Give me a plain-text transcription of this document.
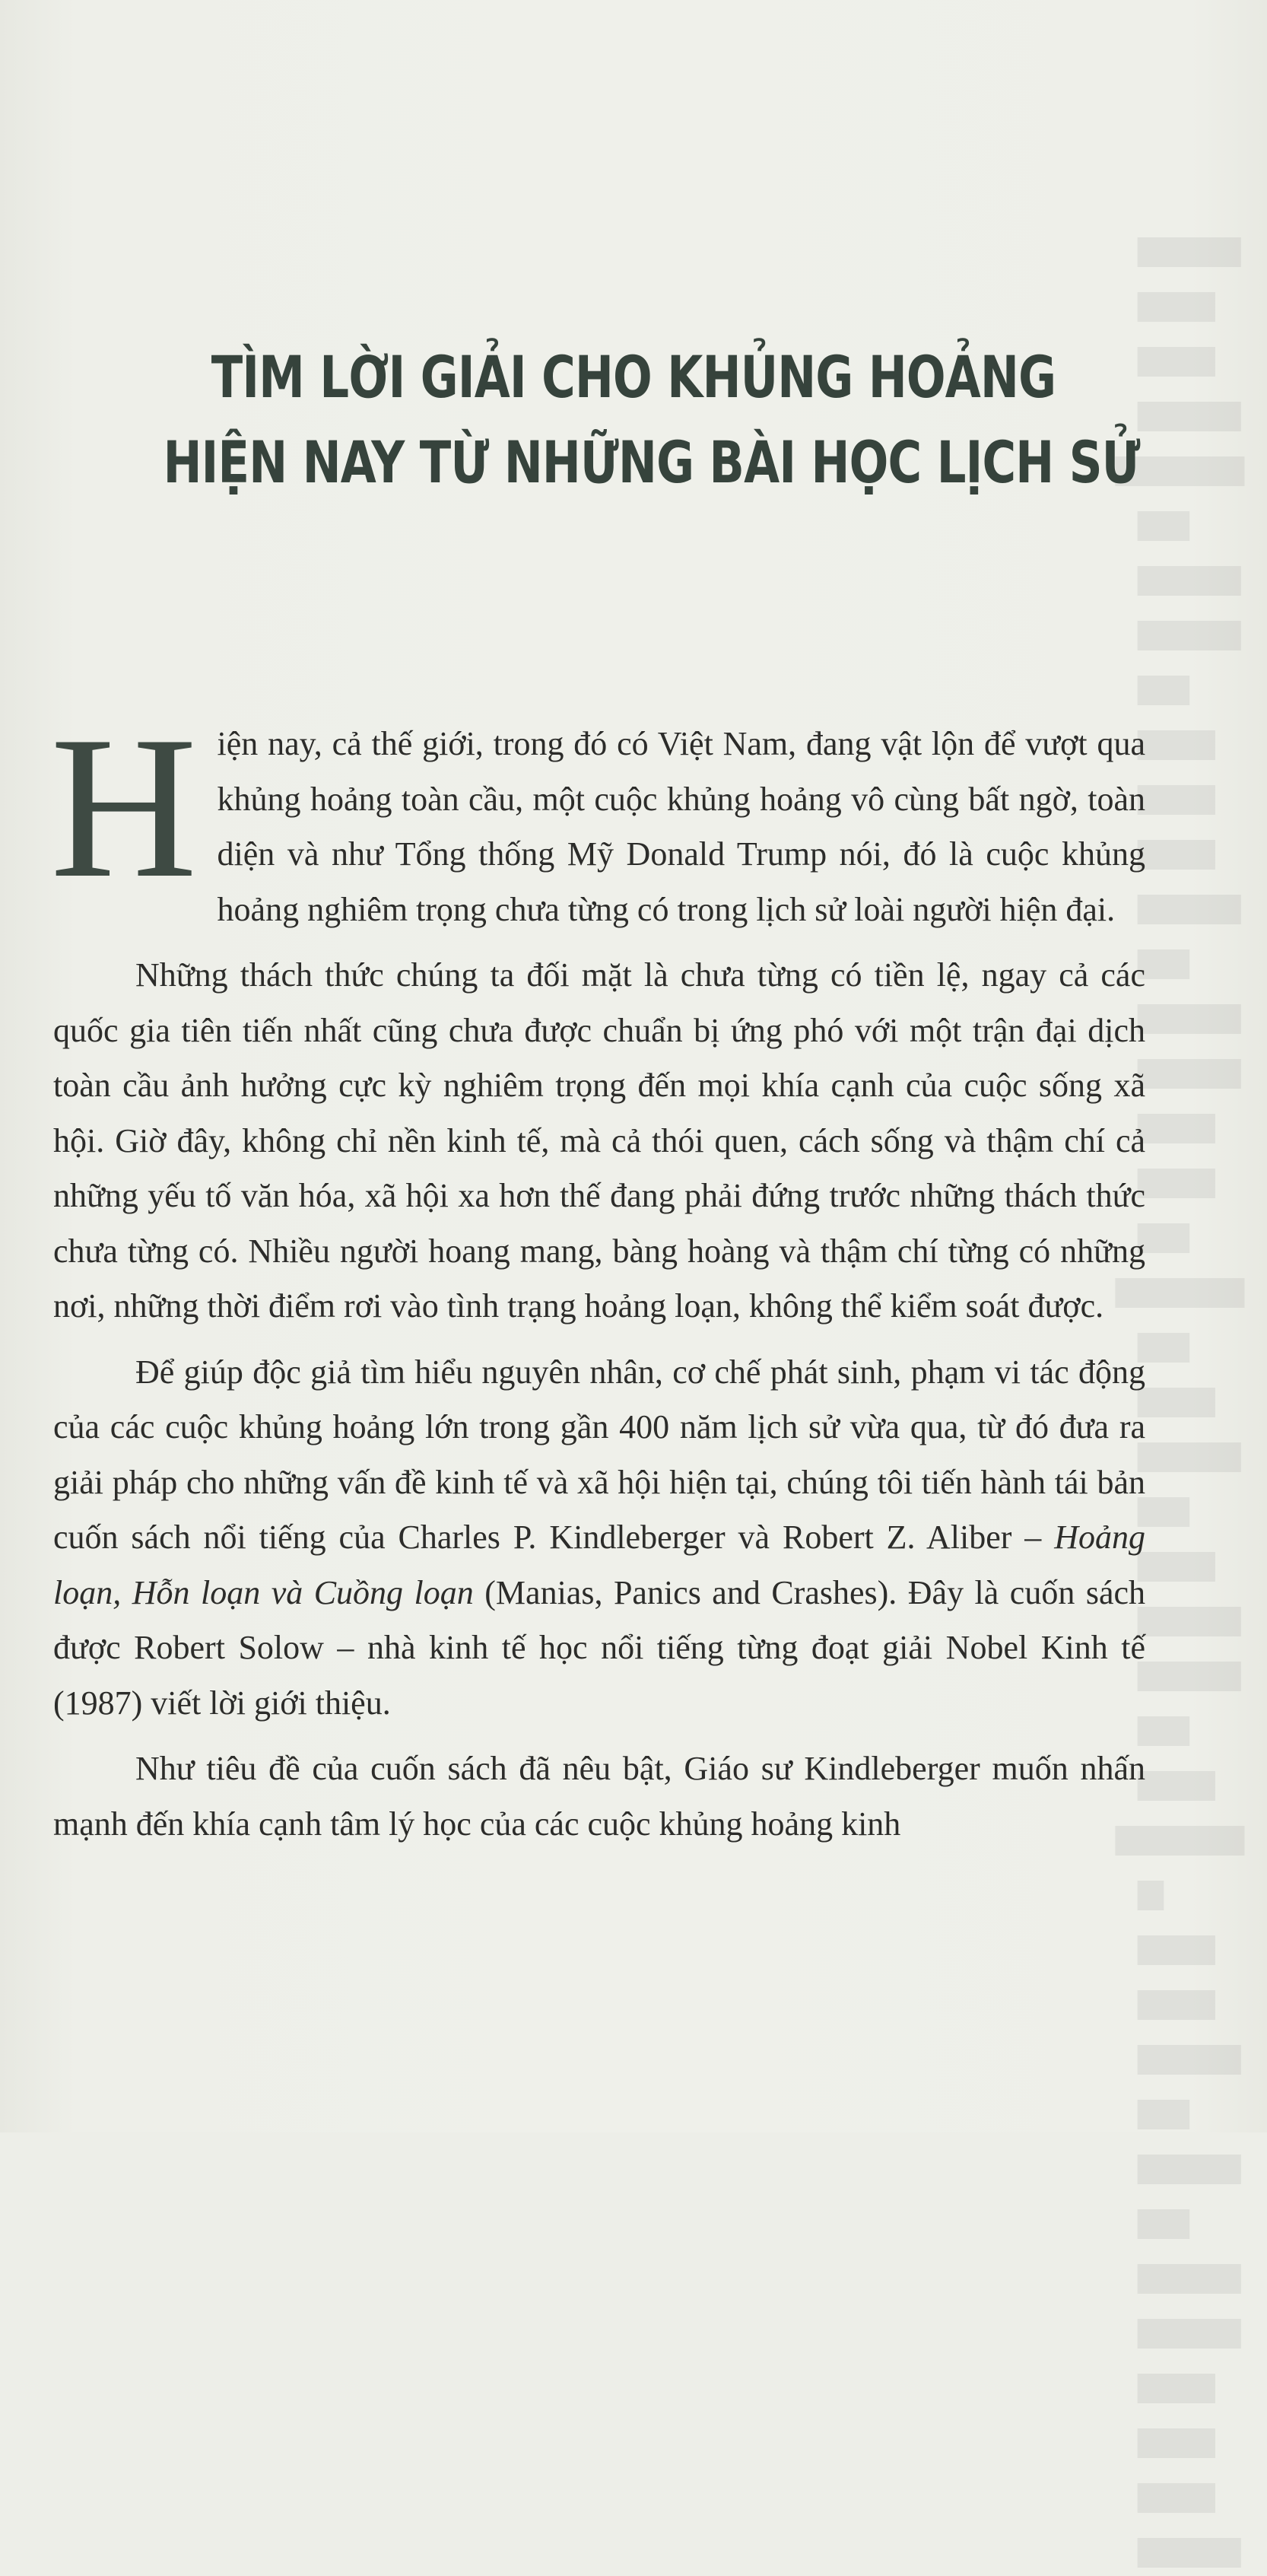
▆▆▆▆ ▆▆▆
▆▆▆ ▆▆▆▆
▆▆▆▆▆
▆▆ ▆▆▆▆
▆▆▆▆ ▆▆
▆▆▆
▆▆▆ ▆▆▆
▆▆▆▆
▆▆ ▆▆▆▆
▆▆▆▆ ▆▆▆
▆▆▆ ▆▆
▆▆▆▆▆
▆▆ ▆▆▆
▆▆▆▆ ▆▆
▆▆▆ ▆▆▆▆
▆▆▆▆
▆▆ ▆▆▆
▆▆▆▆▆ ▆
▆▆▆ ▆▆▆
▆▆▆▆ ▆▆
▆▆▆▆
▆▆ ▆▆▆▆
▆▆▆▆ ▆▆▆
▆▆▆
▆▆▆ ▆▆▆▆
TÌM LỜI GIẢI CHO KHỦNG HOẢNG
HIỆN NAY TỪ NHỮNG BÀI HỌC LỊCH SỬ

Hiện nay, cả thế giới, trong đó có Việt Nam, đang vật lộn để vượt qua khủng hoảng toàn cầu, một cuộc khủng hoảng vô cùng bất ngờ, toàn diện và như Tổng thống Mỹ Donald Trump nói, đó là cuộc khủng hoảng nghiêm trọng chưa từng có trong lịch sử loài người hiện đại.

Những thách thức chúng ta đối mặt là chưa từng có tiền lệ, ngay cả các quốc gia tiên tiến nhất cũng chưa được chuẩn bị ứng phó với một trận đại dịch toàn cầu ảnh hưởng cực kỳ nghiêm trọng đến mọi khía cạnh của cuộc sống xã hội. Giờ đây, không chỉ nền kinh tế, mà cả thói quen, cách sống và thậm chí cả những yếu tố văn hóa, xã hội xa hơn thế đang phải đứng trước những thách thức chưa từng có. Nhiều người hoang mang, bàng hoàng và thậm chí từng có những nơi, những thời điểm rơi vào tình trạng hoảng loạn, không thể kiểm soát được.

Để giúp độc giả tìm hiểu nguyên nhân, cơ chế phát sinh, phạm vi tác động của các cuộc khủng hoảng lớn trong gần 400 năm lịch sử vừa qua, từ đó đưa ra giải pháp cho những vấn đề kinh tế và xã hội hiện tại, chúng tôi tiến hành tái bản cuốn sách nổi tiếng của Charles P. Kindleberger và Robert Z. Aliber – Hoảng loạn, Hỗn loạn và Cuồng loạn (Manias, Panics and Crashes). Đây là cuốn sách được Robert Solow – nhà kinh tế học nổi tiếng từng đoạt giải Nobel Kinh tế (1987) viết lời giới thiệu.

Như tiêu đề của cuốn sách đã nêu bật, Giáo sư Kindleberger muốn nhấn mạnh đến khía cạnh tâm lý học của các cuộc khủng hoảng kinh
